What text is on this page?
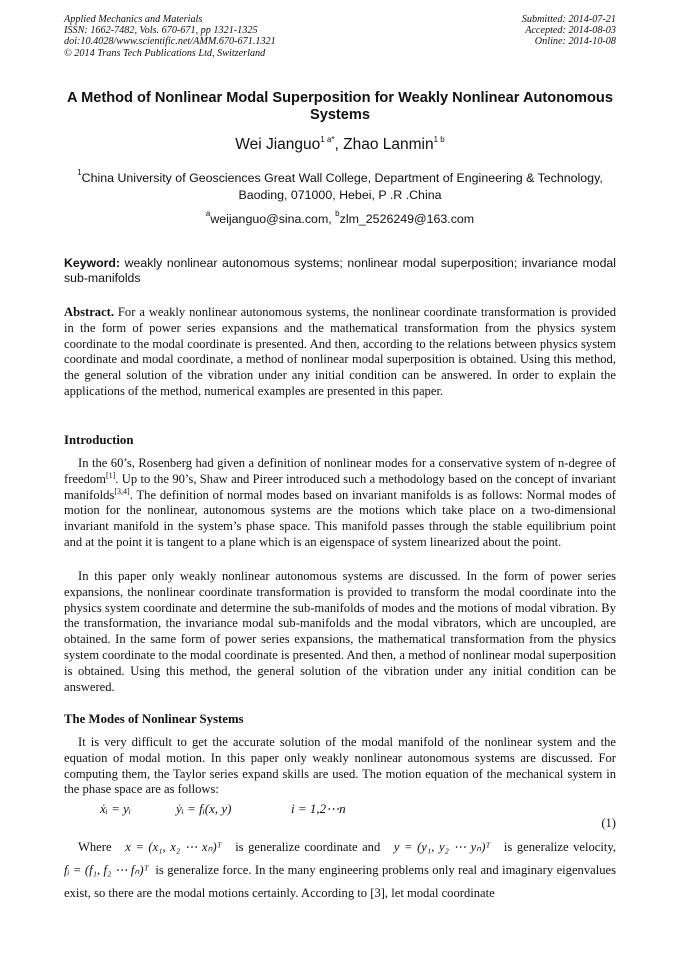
Applied Mechanics and Materials
ISSN: 1662-7482, Vols. 670-671, pp 1321-1325
doi:10.4028/www.scientific.net/AMM.670-671.1321
© 2014 Trans Tech Publications Ltd, Switzerland
Submitted: 2014-07-21
Accepted: 2014-08-03
Online: 2014-10-08
A Method of Nonlinear Modal Superposition for Weakly Nonlinear Autonomous Systems
Wei Jianguo$^{1 a*}$, Zhao Lanmin$^{1 b}$
$^1$China University of Geosciences Great Wall College, Department of Engineering & Technology, Baoding, 071000, Hebei, P .R .China
$^a$weijanguo@sina.com, $^b$zlm_2526249@163.com
Keyword: weakly nonlinear autonomous systems; nonlinear modal superposition; invariance modal sub-manifolds
Abstract. For a weakly nonlinear autonomous systems, the nonlinear coordinate transformation is provided in the form of power series expansions and the mathematical transformation from the physics system coordinate to the modal coordinate is presented. And then, according to the relations between physics system coordinate and modal coordinate, a method of nonlinear modal superposition is obtained. Using this method, the general solution of the vibration under any initial condition can be answered. In order to explain the applications of the method, numerical examples are presented in this paper.
Introduction
In the 60’s, Rosenberg had given a definition of nonlinear modes for a conservative system of n-degree of freedom[1]. Up to the 90’s, Shaw and Pireer introduced such a methodology based on the concept of invariant manifolds[3,4]. The definition of normal modes based on invariant manifolds is as follows: Normal modes of motion for the nonlinear, autonomous systems are the motions which take place on a two-dimensional invariant manifold in the system’s phase space. This manifold passes through the stable equilibrium point and at the point it is tangent to a plane which is an eigenspace of system linearized about the point.
In this paper only weakly nonlinear autonomous systems are discussed. In the form of power series expansions, the nonlinear coordinate transformation is provided to transform the modal coordinate into the physics system coordinate and determine the sub-manifolds of modes and the motions of modal vibration. By the transformation, the invariance modal sub-manifolds and the modal vibrators, which are uncoupled, are obtained. In the same form of power series expansions, the mathematical transformation from the physics system coordinate to the modal coordinate is presented. And then, a method of nonlinear modal superposition is obtained. Using this method, the general solution of the vibration under any initial condition can be answered.
The Modes of Nonlinear Systems
It is very difficult to get the accurate solution of the modal manifold of the nonlinear system and the equation of modal motion. In this paper only weakly nonlinear autonomous systems are discussed. For computing them, the Taylor series expand skills are used. The motion equation of the mechanical system in the phase space are as follows:
ẋᵢ = yᵢ	ẏᵢ = fᵢ(x, y)	i = 1,2⋯n
(1)
Where x = (x₁, x₂ ⋯ xₙ)ᵀ is generalize coordinate and y = (y₁, y₂ ⋯ yₙ)ᵀ is generalize velocity, fᵢ = (f₁, f₂ ⋯ fₙ)ᵀ is generalize force. In the many engineering problems only real and imaginary eigenvalues exist, so there are the modal motions certainly. According to [3], let modal coordinate
